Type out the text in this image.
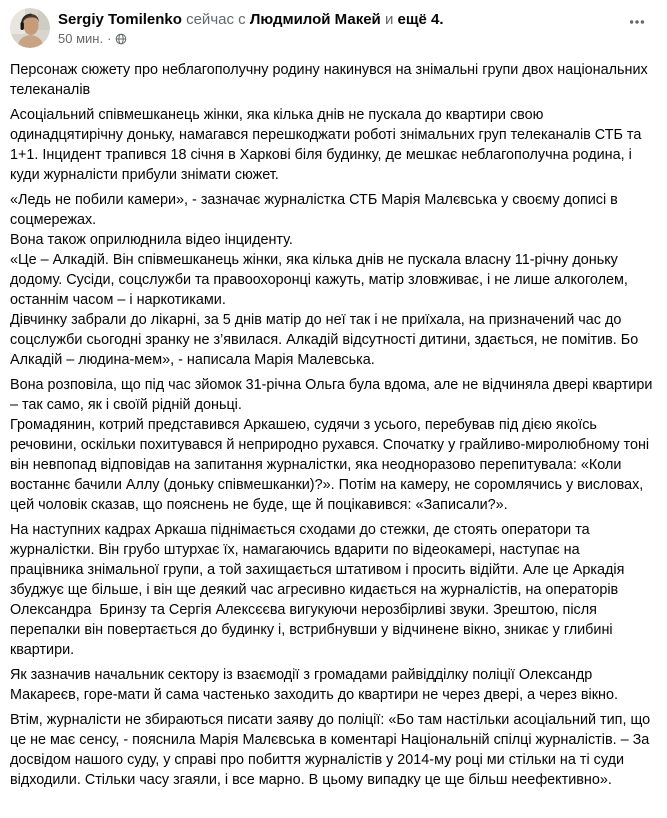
Sergiy Tomilenko сейчас с Людмилой Макей и ещё 4.
50 мин. ·
Персонаж сюжету про неблагополучну родину накинувся на знімальні групи двох національних телеканалів
Асоціальний співмешканець жінки, яка кілька днів не пускала до квартири свою одинадцятирічну доньку, намагався перешкоджати роботі знімальних груп телеканалів СТБ та 1+1. Інцидент трапився 18 січня в Харкові біля будинку, де мешкає неблагополучна родина, і куди журналісти прибули знімати сюжет.
«Ледь не побили камери», - зазначає журналістка СТБ Марія Малєвська у своєму дописі в соцмережах.
Вона також оприлюднила відео інциденту.
«Це – Алкадій. Він співмешканець жінки, яка кілька днів не пускала власну 11-річну доньку додому. Сусіди, соцслужби та правоохоронці кажуть, матір зловживає, і не лише алкоголем, останнім часом – і наркотиками.
Дівчинку забрали до лікарні, за 5 днів матір до неї так і не приїхала, на призначений час до соцслужби сьогодні зранку не з’явилася. Алкадій відсутності дитини, здається, не помітив. Бо Алкадій – людина-мем», - написала Марія Малевська.
Вона розповіла, що під час зйомок 31-річна Ольга була вдома, але не відчиняла двері квартири – так само, як і своїй рідній доньці.
Громадянин, котрий представився Аркашею, судячи з усього, перебував під дією якоїсь речовини, оскільки похитувався й неприродно рухався. Спочатку у грайливо-миролюбному тоні він невпопад відповідав на запитання журналістки, яка неодноразово перепитувала: «Коли востаннє бачили Аллу (доньку співмешканки)?». Потім на камеру, не соромлячись у висловах, цей чоловік сказав, що пояснень не буде, ще й поцікавився: «Записали?».
На наступних кадрах Аркаша піднімається сходами до стежки, де стоять оператори та журналістки. Він грубо штурхає їх, намагаючись вдарити по відеокамері, наступає на працівника знімальної групи, а той захищається штативом і просить відійти. Але це Аркадія збуджує ще більше, і він ще деякий час агресивно кидається на журналістів, на операторів Олександра  Бринзу та Сергія Алексєєва вигукуючи нерозбірливі звуки. Зрештою, після перепалки він повертається до будинку і, встрибнувши у відчинене вікно, зникає у глибині квартири.
Як зазначив начальник сектору із взаємодії з громадами райвідділку поліції Олександр Макареєв, горе-мати й сама частенько заходить до квартири не через двері, а через вікно.
Втім, журналісти не збираються писати заяву до поліції: «Бо там настільки асоціальний тип, що це не має сенсу, - пояснила Марія Малєвська в коментарі Національній спілці журналістів. – За досвідом нашого суду, у справі про побиття журналістів у 2014-му році ми стільки на ті суди відходили. Стільки часу згаяли, і все марно. В цьому випадку це ще більш неефективно».
